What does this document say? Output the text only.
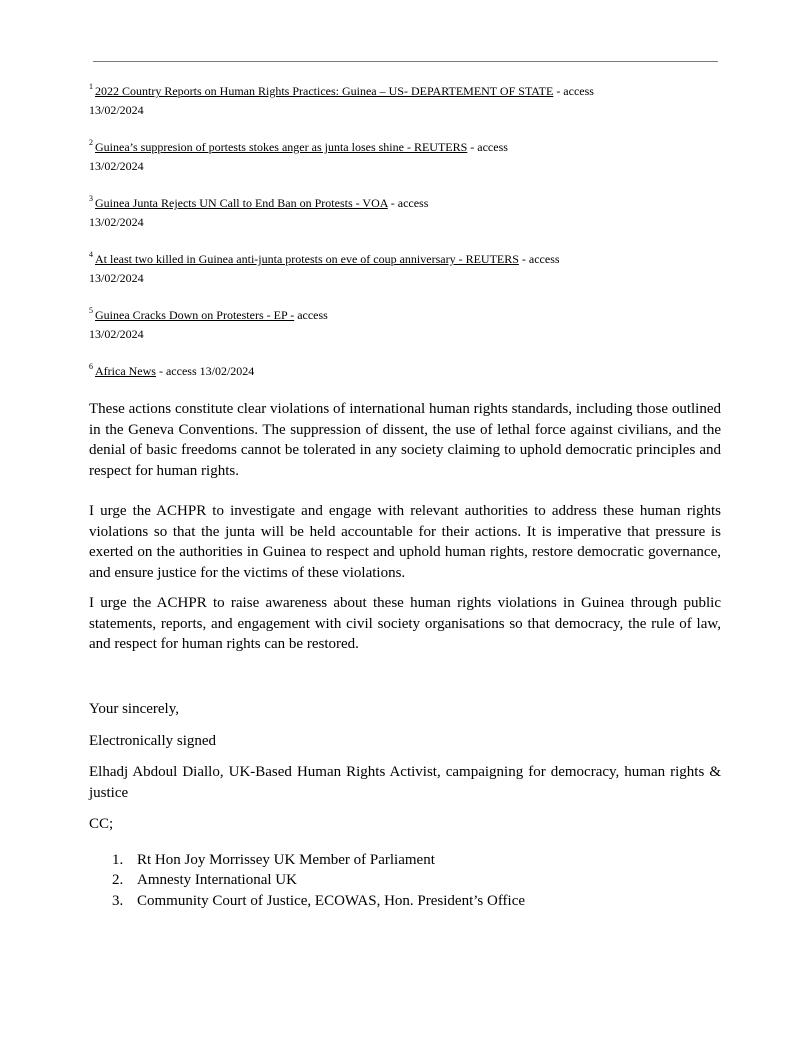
$^1$ 2022 Country Reports on Human Rights Practices: Guinea – US- DEPARTEMENT OF STATE - access
13/02/2024
$^2$ Guinea’s suppresion of portests stokes anger as junta loses shine - REUTERS - access
13/02/2024
$^3$ Guinea Junta Rejects UN Call to End Ban on Protests - VOA - access
13/02/2024
$^4$ At least two killed in Guinea anti-junta protests on eve of coup anniversary - REUTERS - access
13/02/2024
$^5$ Guinea Cracks Down on Protesters - EP - access
13/02/2024
$^6$ Africa News - access 13/02/2024

These actions constitute clear violations of international human rights standards, including those outlined in the Geneva Conventions. The suppression of dissent, the use of lethal force against civilians, and the denial of basic freedoms cannot be tolerated in any society claiming to uphold democratic principles and respect for human rights.

I urge the ACHPR to investigate and engage with relevant authorities to address these human rights violations so that the junta will be held accountable for their actions. It is imperative that pressure is exerted on the authorities in Guinea to respect and uphold human rights, restore democratic governance, and ensure justice for the victims of these violations.

I urge the ACHPR to raise awareness about these human rights violations in Guinea through public statements, reports, and engagement with civil society organisations so that democracy, the rule of law, and respect for human rights can be restored.

Your sincerely,

Electronically signed

Elhadj Abdoul Diallo, UK-Based Human Rights Activist, campaigning for democracy, human rights & justice

CC;

1. Rt Hon Joy Morrissey UK Member of Parliament
2. Amnesty International UK
3. Community Court of Justice, ECOWAS, Hon. President’s Office
